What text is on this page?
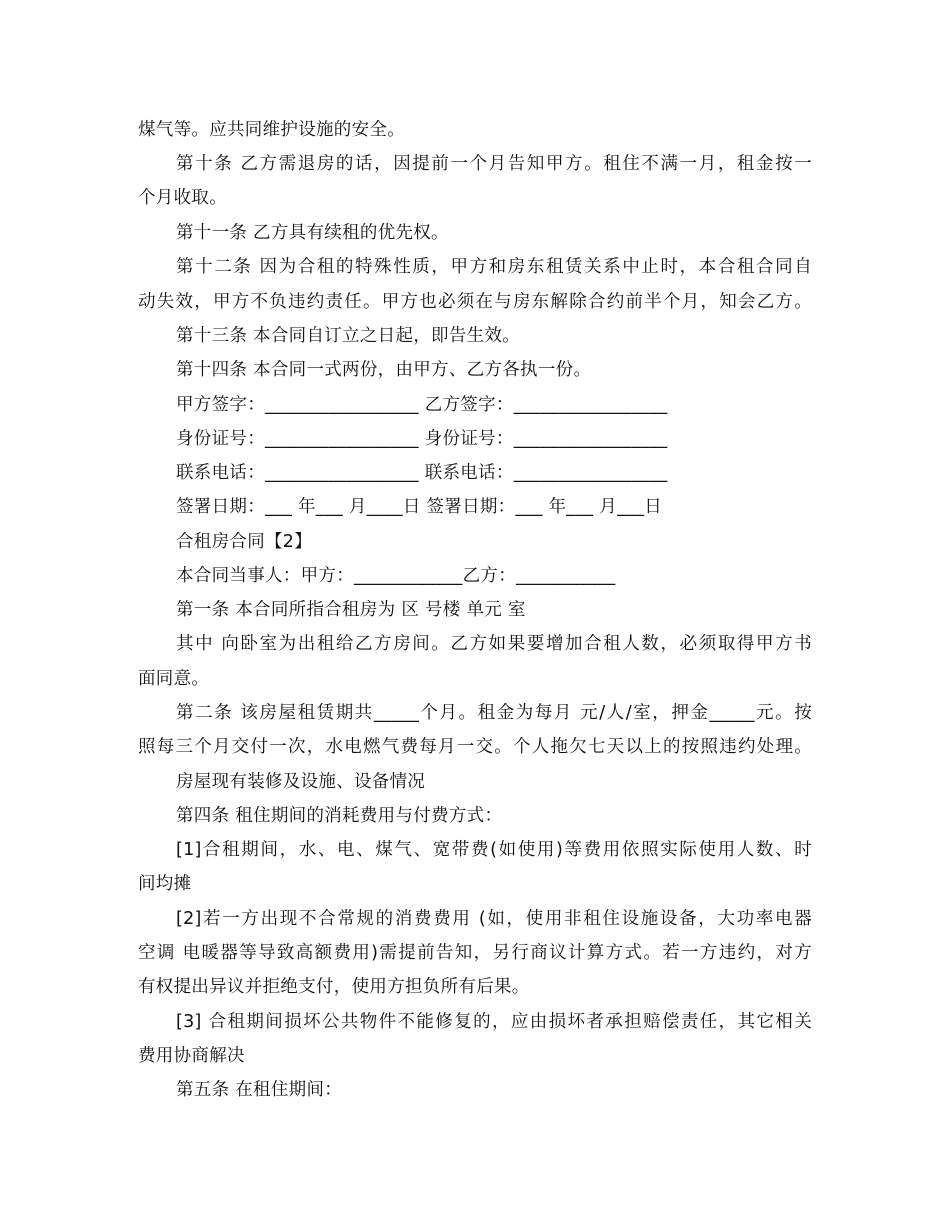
煤气等。应共同维护设施的安全。
第十条 乙方需退房的话，因提前一个月告知甲方。租住不满一月，租金按一
个月收取。
第十一条 乙方具有续租的优先权。
第十二条 因为合租的特殊性质，甲方和房东租赁关系中止时，本合租合同自
动失效，甲方不负违约责任。甲方也必须在与房东解除合约前半个月，知会乙方。
第十三条 本合同自订立之日起，即告生效。
第十四条 本合同一式两份，由甲方、乙方各执一份。
甲方签字：_________________ 乙方签字：_________________
身份证号：_________________ 身份证号：_________________
联系电话：_________________ 联系电话：_________________
签署日期：___ 年___ 月____日 签署日期：___ 年___ 月___日
合租房合同【2】
本合同当事人：甲方：____________乙方：___________
第一条 本合同所指合租房为 区 号楼 单元 室
其中 向卧室为出租给乙方房间。乙方如果要增加合租人数，必须取得甲方书
面同意。
第二条 该房屋租赁期共_____个月。租金为每月 元/人/室，押金_____元。按
照每三个月交付一次，水电燃气费每月一交。个人拖欠七天以上的按照违约处理。
房屋现有装修及设施、设备情况
第四条 租住期间的消耗费用与付费方式：
[1]合租期间，水、电、煤气、宽带费(如使用)等费用依照实际使用人数、时
间均摊
[2]若一方出现不合常规的消费费用 (如，使用非租住设施设备，大功率电器
空调 电暖器等导致高额费用)需提前告知，另行商议计算方式。若一方违约，对方
有权提出异议并拒绝支付，使用方担负所有后果。
[3] 合租期间损坏公共物件不能修复的，应由损坏者承担赔偿责任，其它相关
费用协商解决
第五条 在租住期间：
